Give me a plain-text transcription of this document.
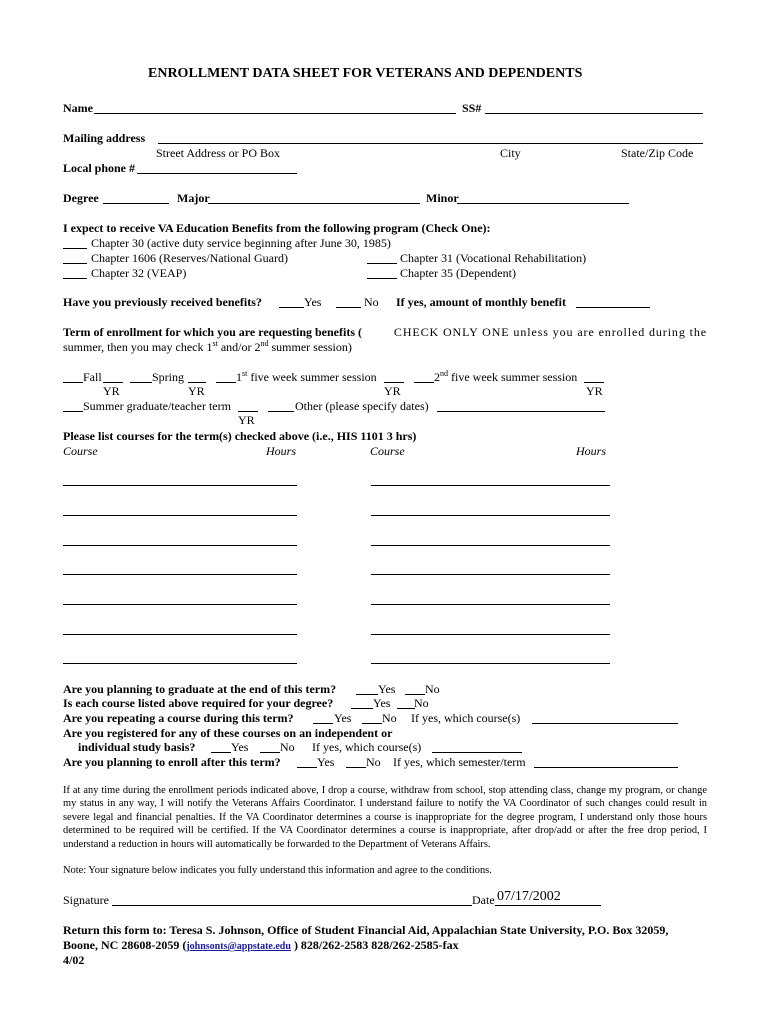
ENROLLMENT DATA SHEET FOR VETERANS AND DEPENDENTS
Name	SS#
Mailing address
Street Address or PO Box	City	State/Zip Code
Local phone #
Degree	Major	Minor
I expect to receive VA Education Benefits from the following program (Check One):
Chapter 30 (active duty service beginning after June 30, 1985)
Chapter 1606 (Reserves/National Guard)	Chapter 31 (Vocational Rehabilitation)
Chapter 32 (VEAP)	Chapter 35 (Dependent)
Have you previously received benefits?	Yes	No If yes, amount of monthly benefit
Term of enrollment for which you are requesting benefits (	CHECK ONLY ONE unless you are enrolled during the
summer, then you may check 1st and/or 2nd summer session)
Fall	Spring	1st five week summer session	2nd five week summer session
YR	YR	YR	YR
Summer graduate/teacher term	Other (please specify dates)
YR
Please list courses for the term(s) checked above (i.e., HIS 1101 3 hrs)
Course	Hours	Course	Hours
Are you planning to graduate at the end of this term?	Yes No
Is each course listed above required for your degree?	Yes No
Are you repeating a course during this term?	Yes	No If yes, which course(s)
Are you registered for any of these courses on an independent or
individual study basis?	Yes	No If yes, which course(s)
Are you planning to enroll after this term?	Yes	No If yes, which semester/term
If at any time during the enrollment periods indicated above, I drop a course, withdraw from school, stop attending class, change my program, or change my status in any way, I will notify the Veterans Affairs Coordinator. I understand failure to notify the VA Coordinator of such changes could result in severe legal and financial penalties. If the VA Coordinator determines a course is inappropriate for the degree program, I understand only those hours determined to be required will be certified. If the VA Coordinator determines a course is inappropriate, after drop/add or after the free drop period, I understand a reduction in hours will automatically be forwarded to the Department of Veterans Affairs.
Note: Your signature below indicates you fully understand this information and agree to the conditions.
Signature	Date 07/17/2002
Return this form to: Teresa S. Johnson, Office of Student Financial Aid, Appalachian State University, P.O. Box 32059,
Boone, NC 28608-2059 (johnsonts@appstate.edu ) 828/262-2583 828/262-2585-fax
4/02
